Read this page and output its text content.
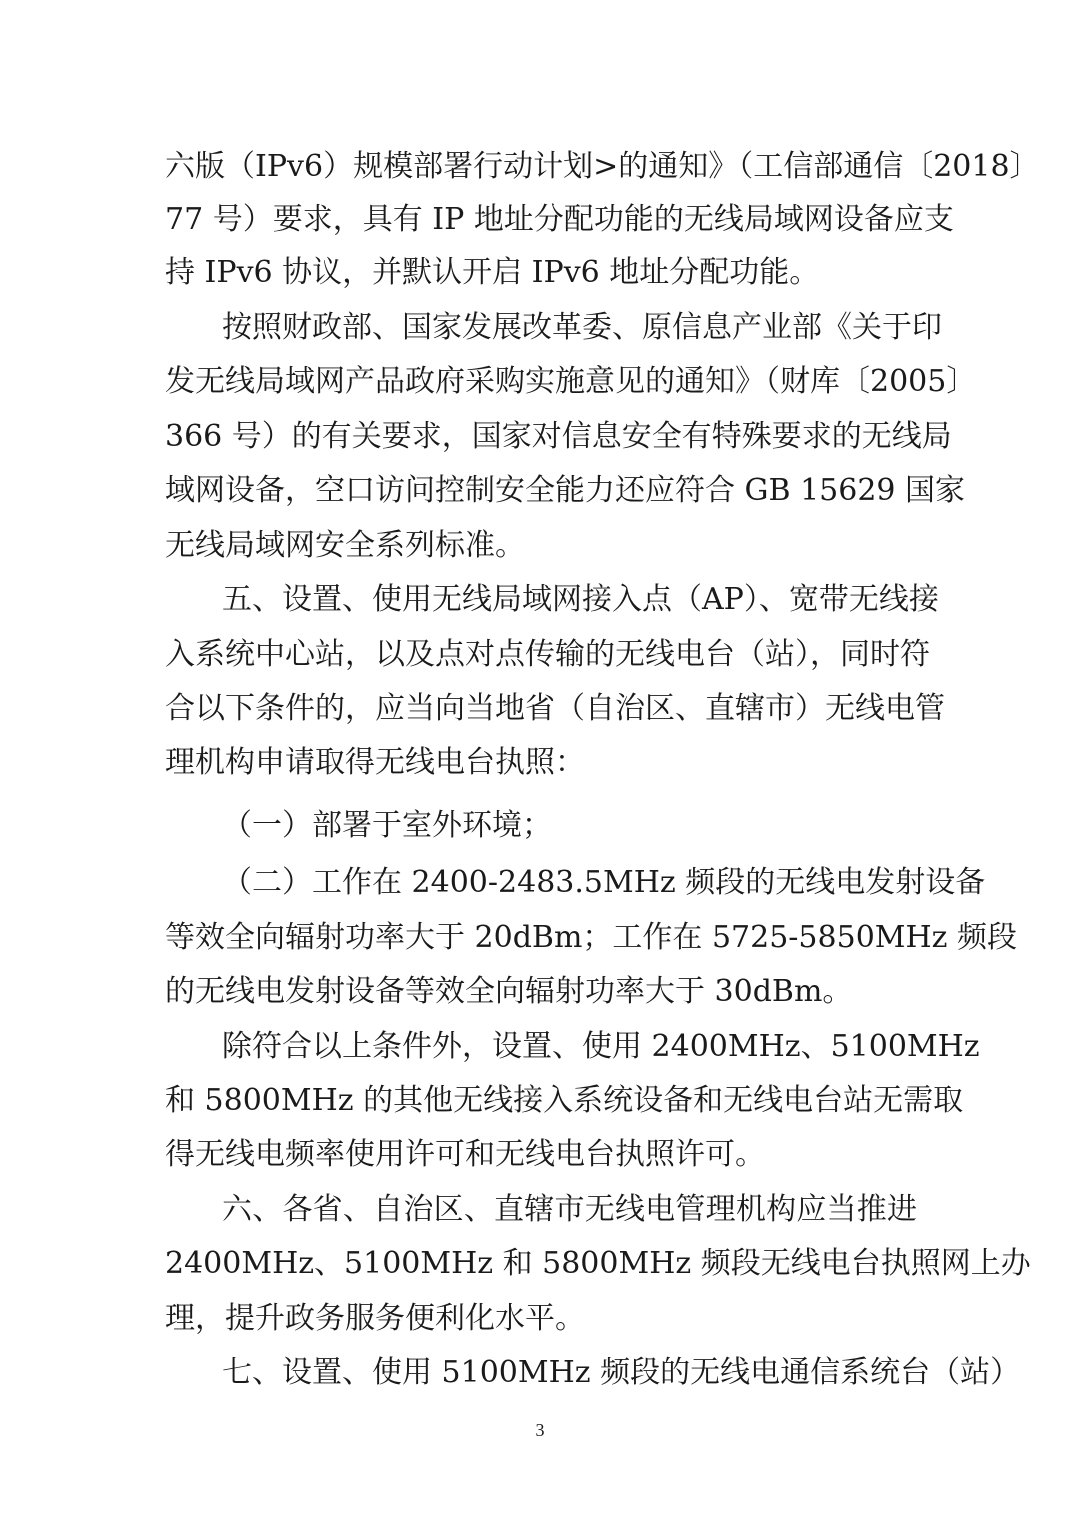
六版（IPv6）规模部署行动计划>的通知》（工信部通信〔2018〕
77 号）要求，具有 IP 地址分配功能的无线局域网设备应支
持 IPv6 协议，并默认开启 IPv6 地址分配功能。
按照财政部、国家发展改革委、原信息产业部《关于印
发无线局域网产品政府采购实施意见的通知》（财库〔2005〕
366 号）的有关要求，国家对信息安全有特殊要求的无线局
域网设备，空口访问控制安全能力还应符合 GB 15629 国家
无线局域网安全系列标准。
五、设置、使用无线局域网接入点（AP）、宽带无线接
入系统中心站，以及点对点传输的无线电台（站），同时符
合以下条件的，应当向当地省（自治区、直辖市）无线电管
理机构申请取得无线电台执照：
（一）部署于室外环境；
（二）工作在 2400-2483.5MHz 频段的无线电发射设备
等效全向辐射功率大于 20dBm；工作在 5725-5850MHz 频段
的无线电发射设备等效全向辐射功率大于 30dBm。
除符合以上条件外，设置、使用 2400MHz、5100MHz
和 5800MHz 的其他无线接入系统设备和无线电台站无需取
得无线电频率使用许可和无线电台执照许可。
六、各省、自治区、直辖市无线电管理机构应当推进
2400MHz、5100MHz 和 5800MHz 频段无线电台执照网上办
理，提升政务服务便利化水平。
七、设置、使用 5100MHz 频段的无线电通信系统台（站）
3
